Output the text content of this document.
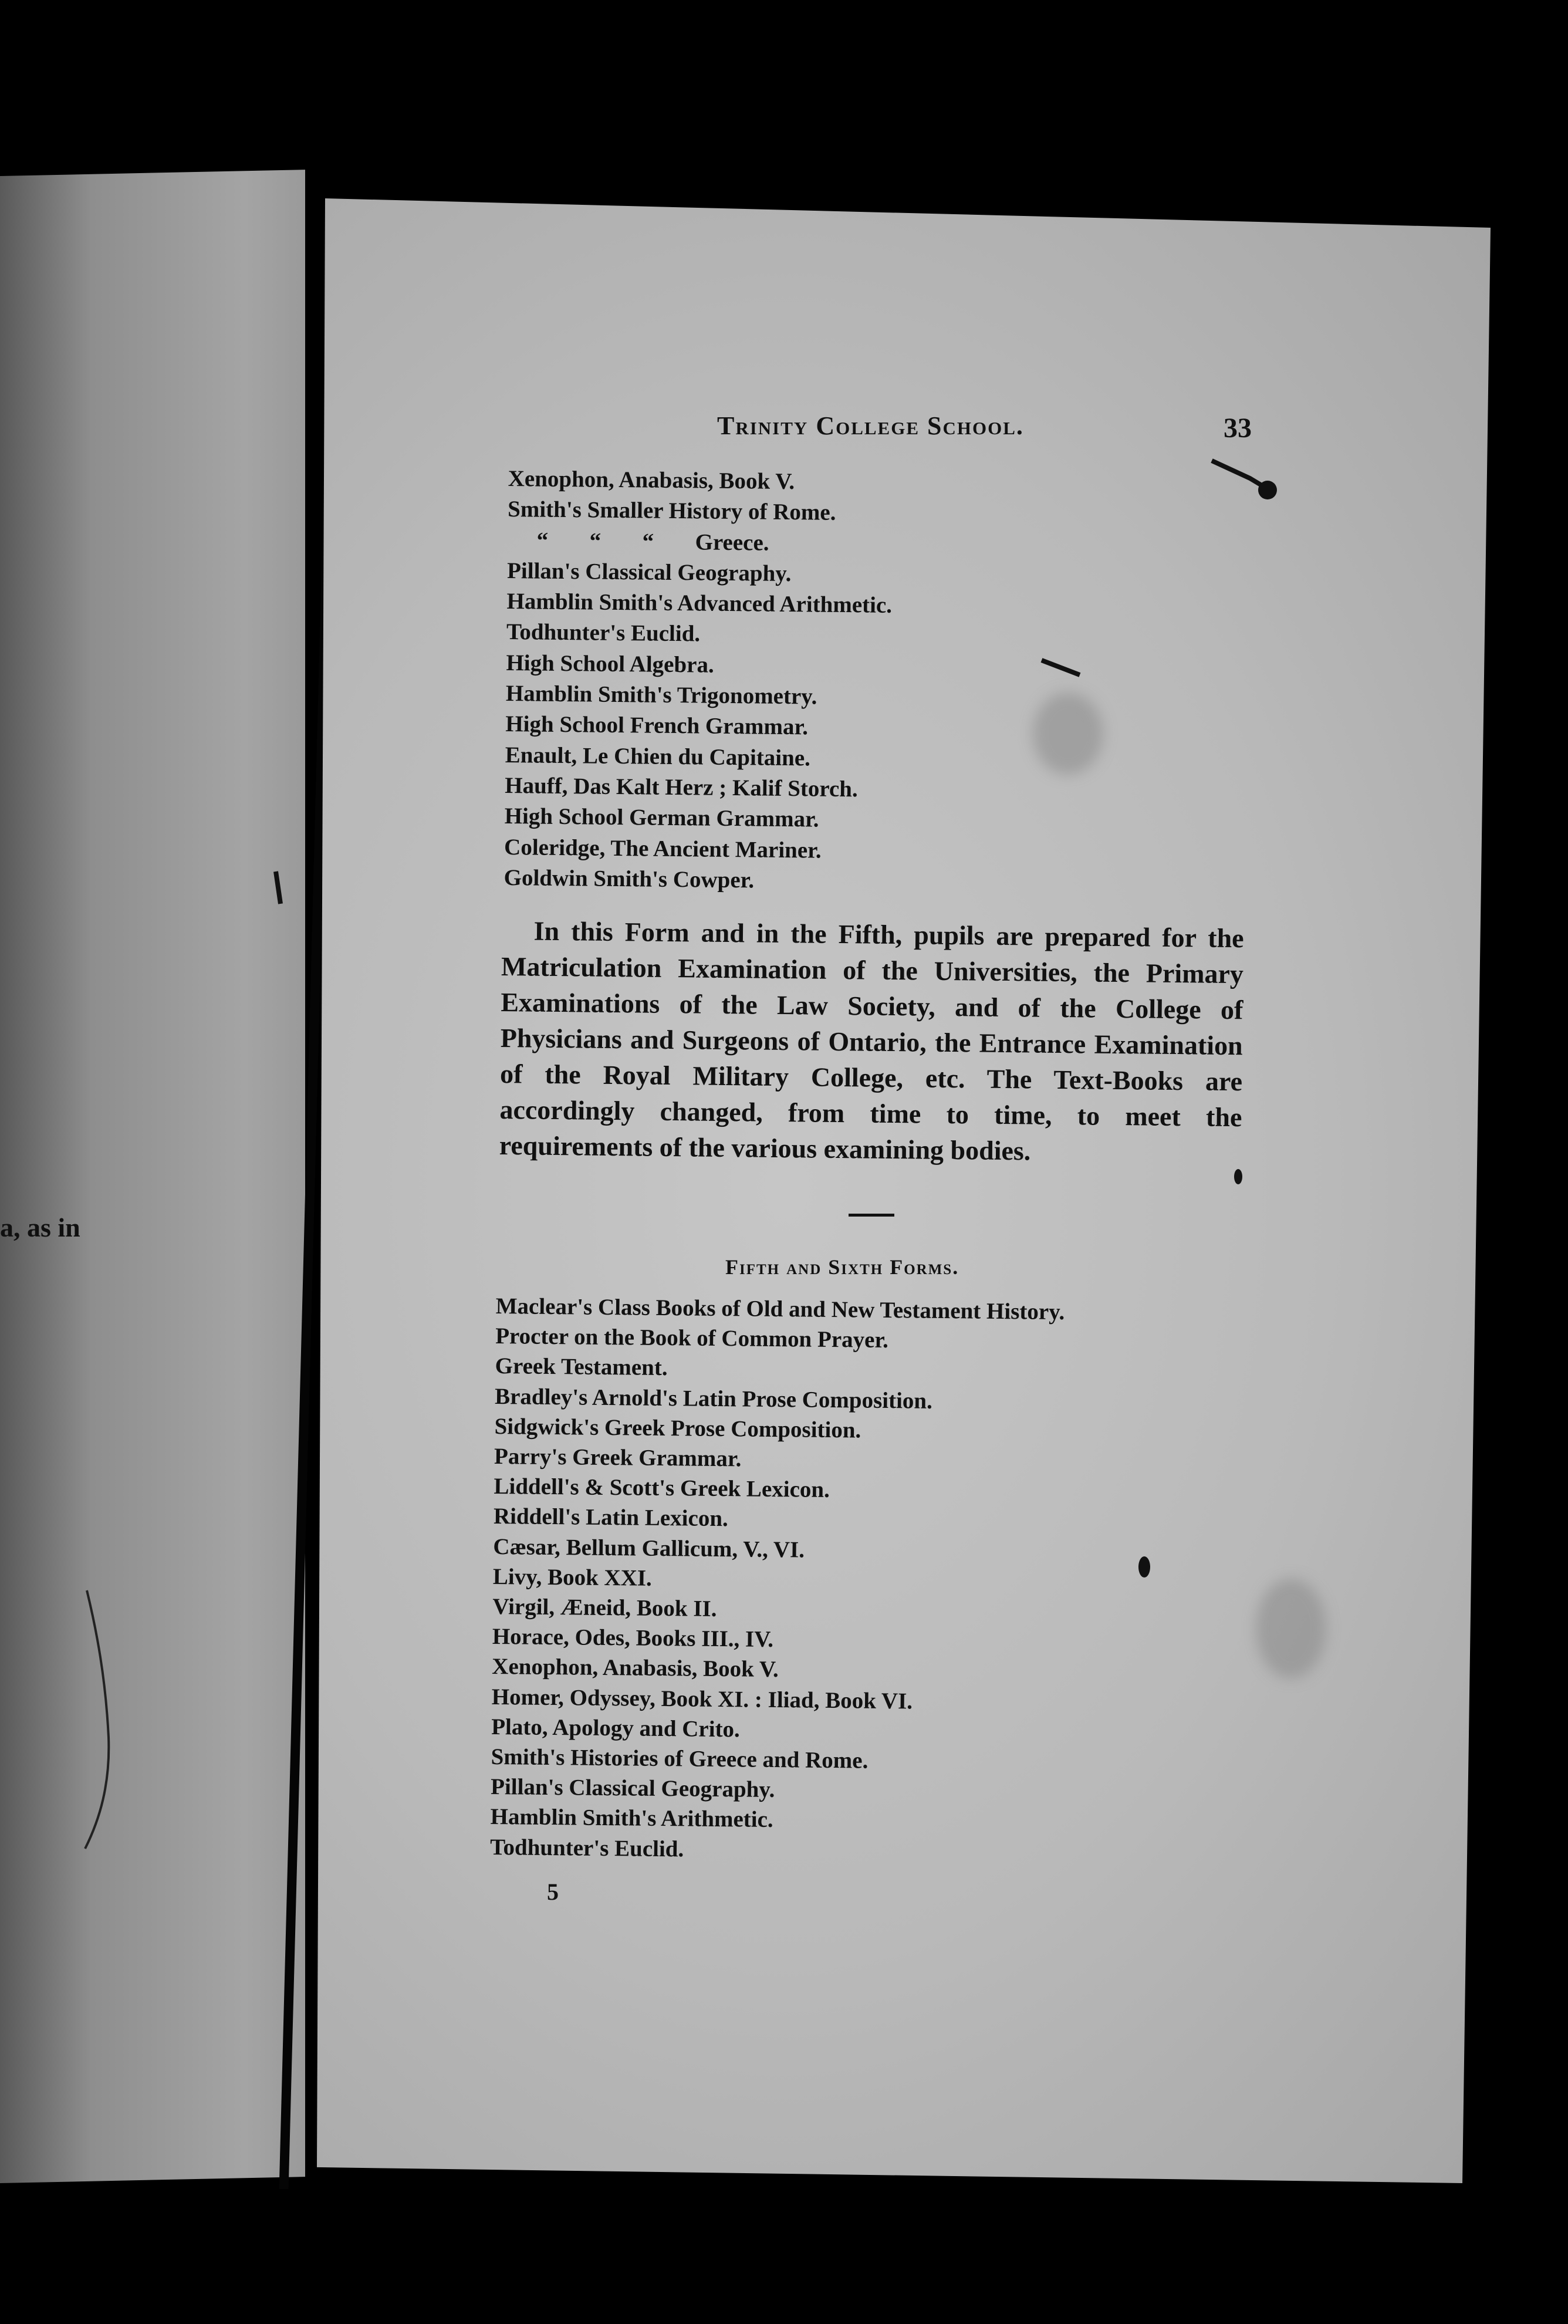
a, as in
Trinity College School.	33
Xenophon, Anabasis, Book V.
Smith's Smaller History of Rome.
“ “ “ Greece.
Pillan's Classical Geography.
Hamblin Smith's Advanced Arithmetic.
Todhunter's Euclid.
High School Algebra.
Hamblin Smith's Trigonometry.
High School French Grammar.
Enault, Le Chien du Capitaine.
Hauff, Das Kalt Herz ; Kalif Storch.
High School German Grammar.
Coleridge, The Ancient Mariner.
Goldwin Smith's Cowper.
In this Form and in the Fifth, pupils are prepared for the Matriculation Examination of the Universities, the Primary Examinations of the Law Society, and of the College of Physicians and Surgeons of Ontario, the Entrance Examination of the Royal Military College, etc. The Text-Books are accordingly changed, from time to time, to meet the requirements of the various examining bodies.
Fifth and Sixth Forms.
Maclear's Class Books of Old and New Testament History.
Procter on the Book of Common Prayer.
Greek Testament.
Bradley's Arnold's Latin Prose Composition.
Sidgwick's Greek Prose Composition.
Parry's Greek Grammar.
Liddell's & Scott's Greek Lexicon.
Riddell's Latin Lexicon.
Cæsar, Bellum Gallicum, V., VI.
Livy, Book XXI.
Virgil, Æneid, Book II.
Horace, Odes, Books III., IV.
Xenophon, Anabasis, Book V.
Homer, Odyssey, Book XI. : Iliad, Book VI.
Plato, Apology and Crito.
Smith's Histories of Greece and Rome.
Pillan's Classical Geography.
Hamblin Smith's Arithmetic.
Todhunter's Euclid.
5
